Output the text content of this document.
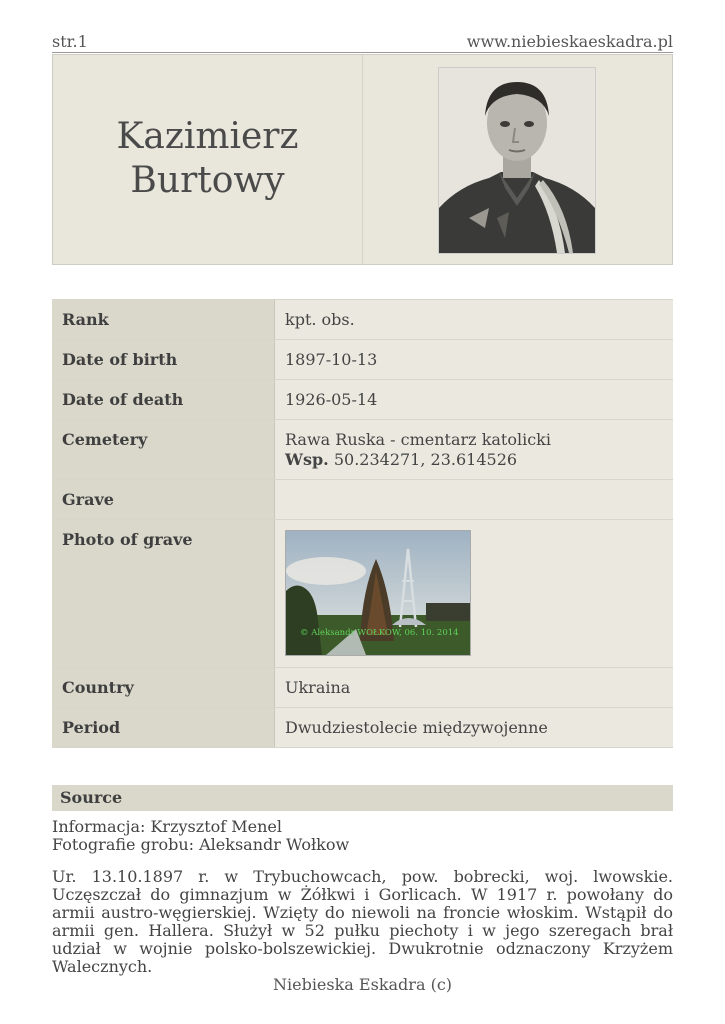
str.1	www.niebieskaeskadra.pl
Kazimierz
Burtowy
Rank	kpt. obs.
Date of birth	1897-10-13
Date of death	1926-05-14
Cemetery	Rawa Ruska - cmentarz katolicki
Wsp. 50.234271, 23.614526

Grave	
Photo of grave	© Aleksandr WOŁKOW, 06. 10. 2014

Country	Ukraina
Period	Dwudziestolecie międzywojenne
Source
Informacja: Krzysztof Menel
Fotografie grobu: Aleksandr Wołkow
Ur. 13.10.1897 r. w Trybuchowcach, pow. bobrecki, woj. lwowskie. Uczęszczał do gimnazjum w Żółkwi i Gorlicach. W 1917 r. powołany do armii austro-węgierskiej. Wzięty do niewoli na froncie włoskim. Wstąpił do armii gen. Hallera. Służył w 52 pułku piechoty i w jego szeregach brał udział w wojnie polsko-bolszewickiej. Dwukrotnie odznaczony Krzyżem Walecznych.
Niebieska Eskadra (c)
